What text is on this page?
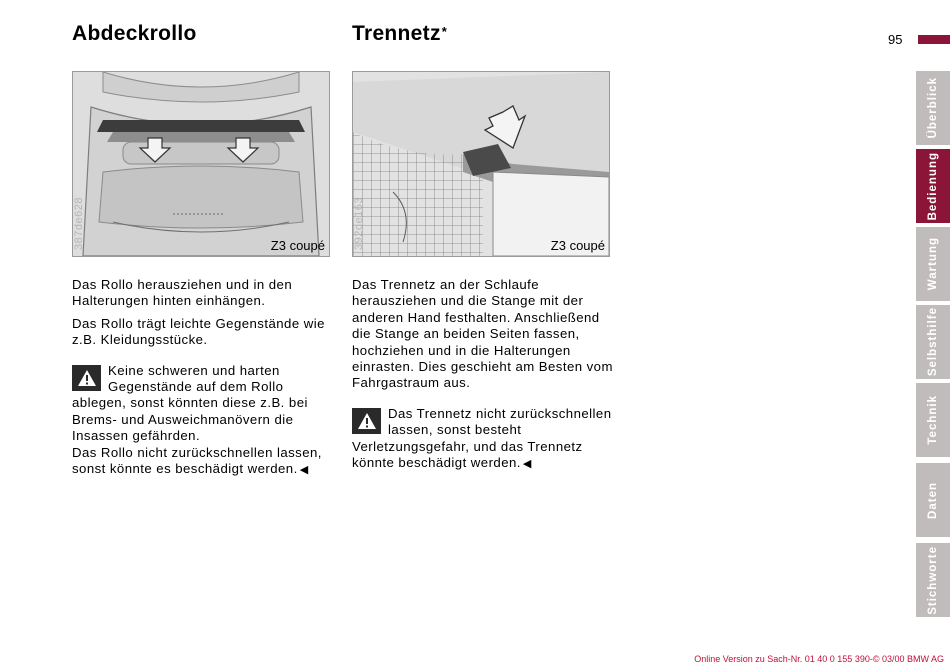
Abdeckrollo	Trennetz*
95
387de628	Z3 coupé	392de163	Z3 coupé

Das Rollo herausziehen und in den Halterungen hinten einhängen.

Das Rollo trägt leichte Gegenstände wie z.B. Kleidungsstücke.

Keine schweren und harten Gegenstände auf dem Rollo ablegen, sonst könnten diese z.B. bei Brems- und Ausweichmanövern die Insassen gefährden.
Das Rollo nicht zurückschnellen lassen, sonst könnte es beschädigt werden. ◀

Das Trennetz an der Schlaufe herausziehen und die Stange mit der anderen Hand festhalten. Anschließend die Stange an beiden Seiten fassen, hochziehen und in die Halterungen einrasten. Dies geschieht am Besten vom Fahrgastraum aus.

Das Trennetz nicht zurückschnellen lassen, sonst besteht Verletzungsgefahr, und das Trennetz könnte beschädigt werden. ◀
Überblick
Bedienung
Wartung
Selbsthilfe
Technik
Daten
Stichworte
Online Version zu Sach-Nr. 01 40 0 155 390-© 03/00 BMW AG
